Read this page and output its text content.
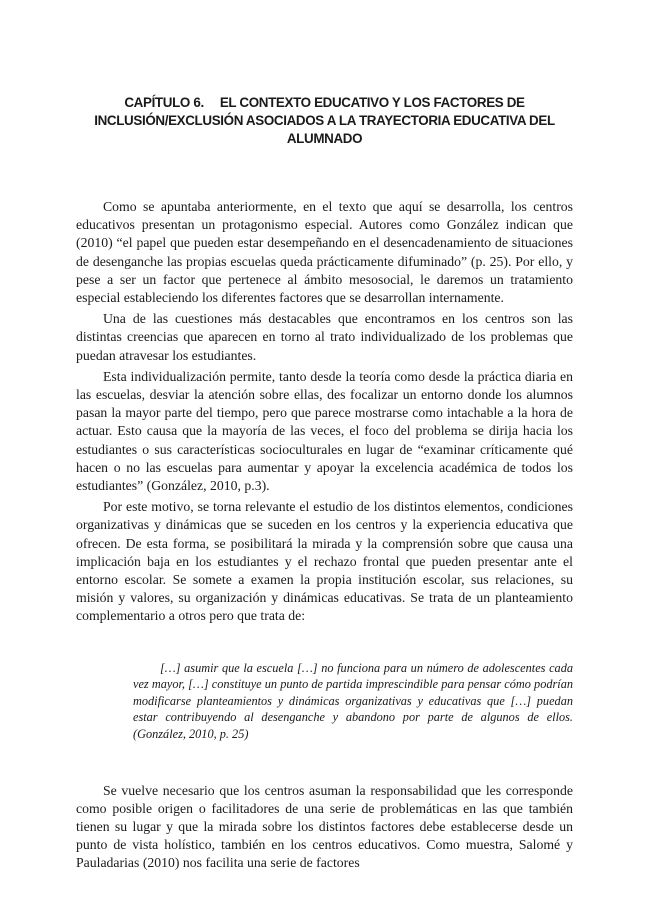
CAPÍTULO 6. EL CONTEXTO EDUCATIVO Y LOS FACTORES DE
INCLUSIÓN/EXCLUSIÓN ASOCIADOS A LA TRAYECTORIA EDUCATIVA DEL
ALUMNADO

Como se apuntaba anteriormente, en el texto que aquí se desarrolla, los centros educativos presentan un protagonismo especial. Autores como González indican que (2010) “el papel que pueden estar desempeñando en el desencadenamiento de situaciones de desenganche las propias escuelas queda prácticamente difuminado” (p. 25). Por ello, y pese a ser un factor que pertenece al ámbito mesosocial, le daremos un tratamiento especial estableciendo los diferentes factores que se desarrollan internamente.

Una de las cuestiones más destacables que encontramos en los centros son las distintas creencias que aparecen en torno al trato individualizado de los problemas que puedan atravesar los estudiantes.

Esta individualización permite, tanto desde la teoría como desde la práctica diaria en las escuelas, desviar la atención sobre ellas, des focalizar un entorno donde los alumnos pasan la mayor parte del tiempo, pero que parece mostrarse como intachable a la hora de actuar. Esto causa que la mayoría de las veces, el foco del problema se dirija hacia los estudiantes o sus características socioculturales en lugar de “examinar críticamente qué hacen o no las escuelas para aumentar y apoyar la excelencia académica de todos los estudiantes” (González, 2010, p.3).

Por este motivo, se torna relevante el estudio de los distintos elementos, condiciones organizativas y dinámicas que se suceden en los centros y la experiencia educativa que ofrecen. De esta forma, se posibilitará la mirada y la comprensión sobre que causa una implicación baja en los estudiantes y el rechazo frontal que pueden presentar ante el entorno escolar. Se somete a examen la propia institución escolar, sus relaciones, su misión y valores, su organización y dinámicas educativas. Se trata de un planteamiento complementario a otros pero que trata de:

[…] asumir que la escuela […] no funciona para un número de adolescentes cada vez mayor, […] constituye un punto de partida imprescindible para pensar cómo podrían modificarse planteamientos y dinámicas organizativas y educativas que […] puedan estar contribuyendo al desenganche y abandono por parte de algunos de ellos. (González, 2010, p. 25)

Se vuelve necesario que los centros asuman la responsabilidad que les corresponde como posible origen o facilitadores de una serie de problemáticas en las que también tienen su lugar y que la mirada sobre los distintos factores debe establecerse desde un punto de vista holístico, también en los centros educativos. Como muestra, Salomé y Pauladarias (2010) nos facilita una serie de factores
